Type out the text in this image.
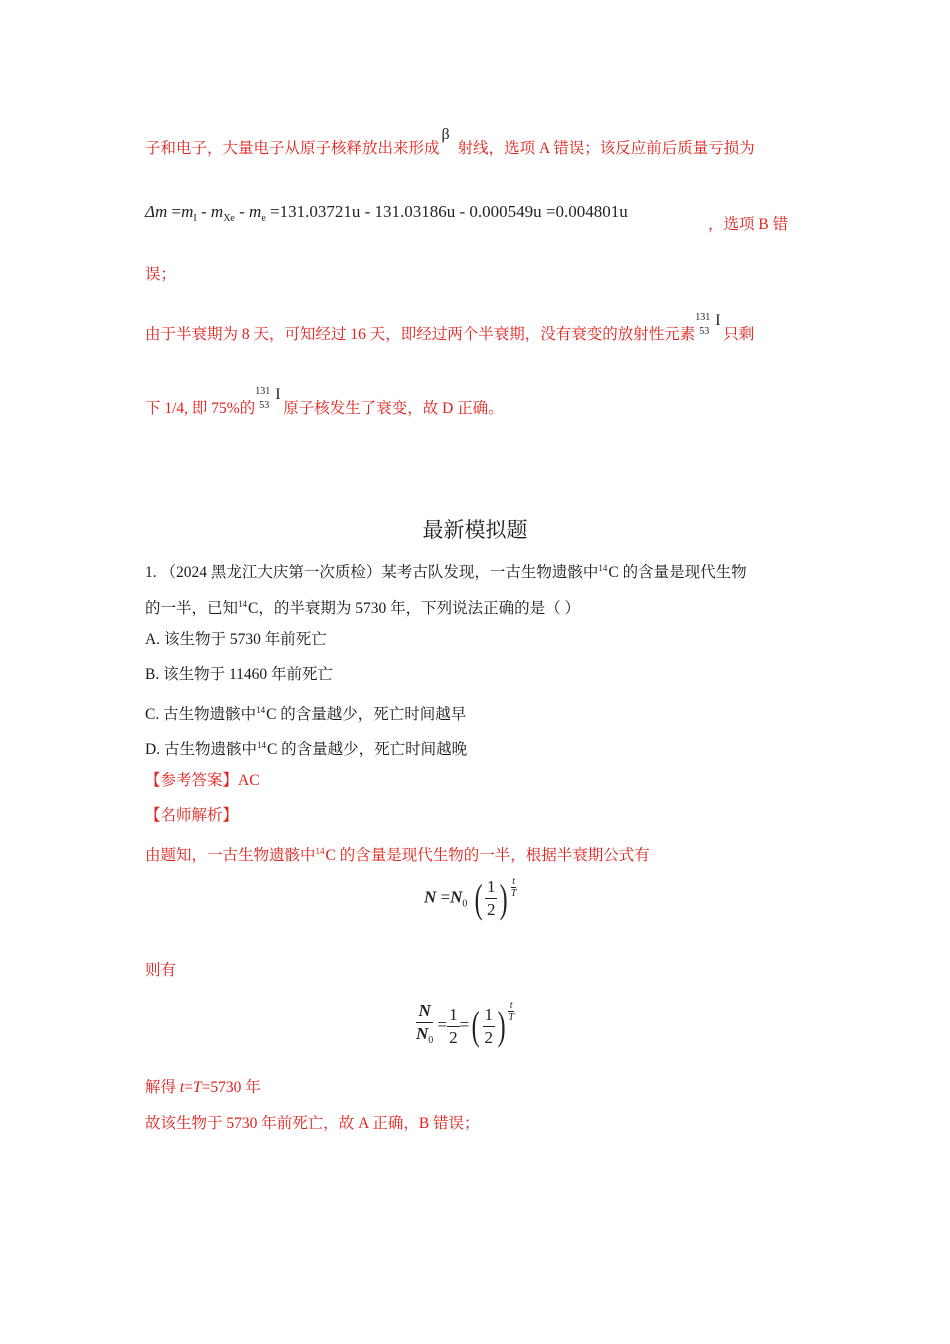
子和电子，大量电子从原子核释放出来形成β射线，选项 A 错误；该反应前后质量亏损为
$\Delta m =m_I - m_{Xe} - m_e =131.03721u - 131.03186u - 0.000549u =0.004801u$
，选项 B 错
误；
由于半衰期为 8 天，可知经过 16 天，即经过两个半衰期，没有衰变的放射性元素
131
53
I
只剩
下 1/4, 即 75%的
131
53
I
原子核发生了衰变，故 D 正确。
最新模拟题
1. （2024 黑龙江大庆第一次质检）某考古队发现，一古生物遗骸中$^{14}$C 的含量是现代生物
的一半，已知$^{14}$C，的半衰期为 5730 年，下列说法正确的是（ ）
A. 该生物于 5730 年前死亡
B. 该生物于 11460 年前死亡
C. 古生物遗骸中$^{14}$C 的含量越少，死亡时间越早
D. 古生物遗骸中$^{14}$C 的含量越少，死亡时间越晚
【参考答案】AC
【名师解析】
由题知，一古生物遗骸中$^{14}$C 的含量是现代生物的一半，根据半衰期公式有
$N =N_0$ ( $\frac{1}{2}$ ) $\frac{t}{T}$
则有
$\frac{N}{N_0} = \frac{1}{2}$ =( $\frac{1}{2}$ ) $\frac{t}{T}$
解得 t=T=5730 年
故该生物于 5730 年前死亡，故 A 正确，B 错误；
